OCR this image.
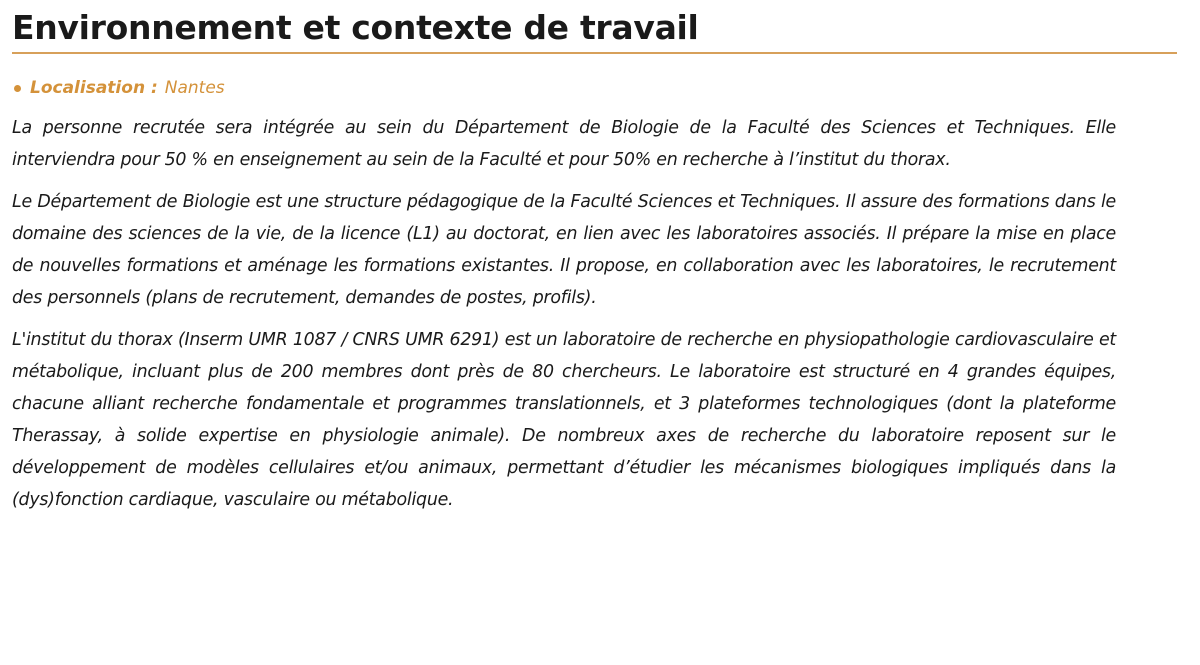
Environnement et contexte de travail
Localisation : Nantes

La personne recrutée sera intégrée au sein du Département de Biologie de la Faculté des Sciences et Techniques. Elle interviendra pour 50 % en enseignement au sein de la Faculté et pour 50% en recherche à l’institut du thorax.

Le Département de Biologie est une structure pédagogique de la Faculté Sciences et Techniques. Il assure des formations dans le domaine des sciences de la vie, de la licence (L1) au doctorat, en lien avec les laboratoires associés. Il prépare la mise en place de nouvelles formations et aménage les formations existantes. Il propose, en collaboration avec les laboratoires, le recrutement des personnels (plans de recrutement, demandes de postes, profils).

L'institut du thorax (Inserm UMR 1087 / CNRS UMR 6291) est un laboratoire de recherche en physiopathologie cardiovasculaire et métabolique, incluant plus de 200 membres dont près de 80 chercheurs. Le laboratoire est structuré en 4 grandes équipes, chacune alliant recherche fondamentale et programmes translationnels, et 3 plateformes technologiques (dont la plateforme Therassay, à solide expertise en physiologie animale). De nombreux axes de recherche du laboratoire reposent sur le développement de modèles cellulaires et/ou animaux, permettant d’étudier les mécanismes biologiques impliqués dans la (dys)fonction cardiaque, vasculaire ou métabolique.
